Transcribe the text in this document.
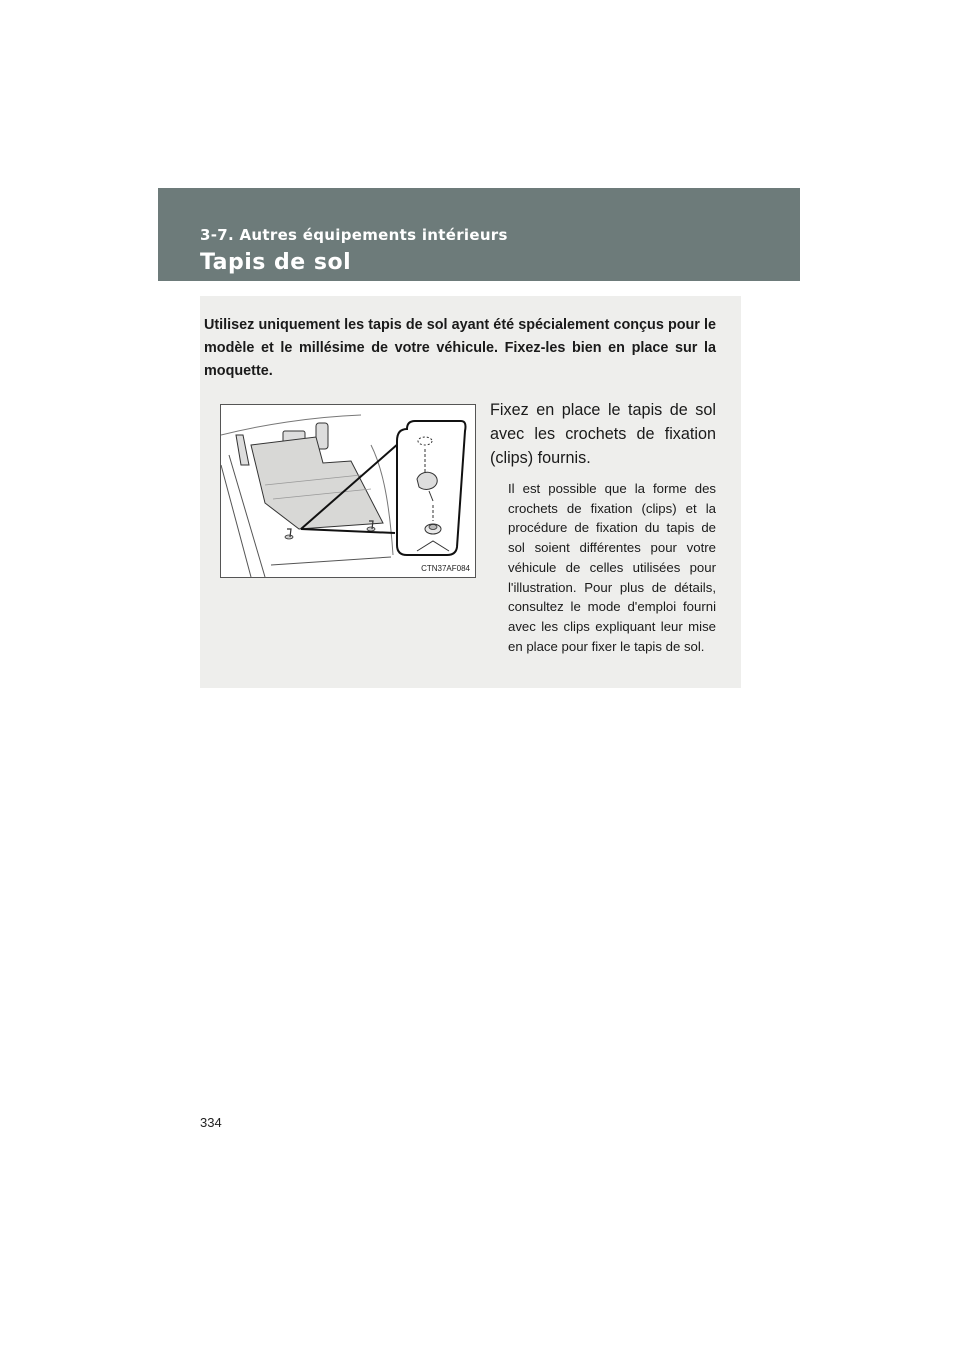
3-7. Autres équipements intérieurs
Tapis de sol
Utilisez uniquement les tapis de sol ayant été spécialement conçus pour le modèle et le millésime de votre véhicule. Fixez-les bien en place sur la moquette.
CTN37AF084
Fixez en place le tapis de sol avec les crochets de fixation (clips) fournis.
Il est possible que la forme des crochets de fixation (clips) et la procédure de fixation du tapis de sol soient différentes pour votre véhicule de celles utilisées pour l'illustration. Pour plus de détails, consultez le mode d'emploi fourni avec les clips expliquant leur mise en place pour fixer le tapis de sol.
334
